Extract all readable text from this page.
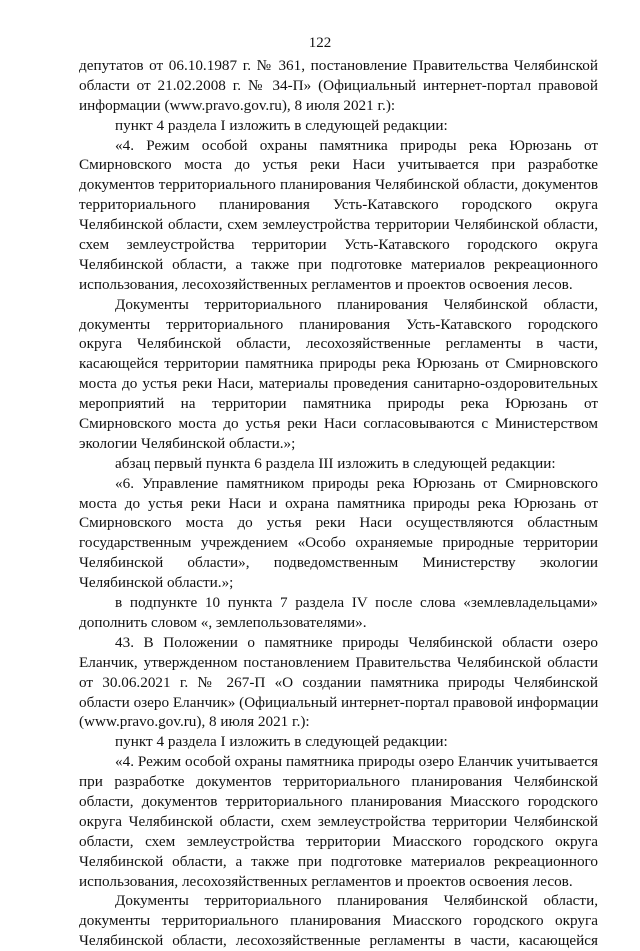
122
депутатов от 06.10.1987 г. № 361, постановление Правительства Челябинской
области от 21.02.2008 г. № 34-П» (Официальный интернет-портал правовой
информации (www.pravo.gov.ru), 8 июля 2021 г.):
пункт 4 раздела I изложить в следующей редакции:
«4. Режим особой охраны памятника природы река Юрюзань от
Смирновского моста до устья реки Наси учитывается при разработке
документов территориального планирования Челябинской области, документов
территориального планирования Усть-Катавского городского округа
Челябинской области, схем землеустройства территории Челябинской области,
схем землеустройства территории Усть-Катавского городского округа
Челябинской области, а также при подготовке материалов рекреационного
использования, лесохозяйственных регламентов и проектов освоения лесов.
Документы территориального планирования Челябинской области,
документы территориального планирования Усть-Катавского городского
округа Челябинской области, лесохозяйственные регламенты в части,
касающейся территории памятника природы река Юрюзань от Смирновского
моста до устья реки Наси, материалы проведения санитарно-оздоровительных
мероприятий на территории памятника природы река Юрюзань от
Смирновского моста до устья реки Наси согласовываются с Министерством
экологии Челябинской области.»;
абзац первый пункта 6 раздела III изложить в следующей редакции:
«6. Управление памятником природы река Юрюзань от Смирновского
моста до устья реки Наси и охрана памятника природы река Юрюзань от
Смирновского моста до устья реки Наси осуществляются областным
государственным учреждением «Особо охраняемые природные территории
Челябинской области», подведомственным Министерству экологии
Челябинской области.»;
в подпункте 10 пункта 7 раздела IV после слова «землевладельцами»
дополнить словом «, землепользователями».
43. В Положении о памятнике природы Челябинской области озеро
Еланчик, утвержденном постановлением Правительства Челябинской области
от 30.06.2021 г. № 267-П «О создании памятника природы Челябинской
области озеро Еланчик» (Официальный интернет-портал правовой информации
(www.pravo.gov.ru), 8 июля 2021 г.):
пункт 4 раздела I изложить в следующей редакции:
«4. Режим особой охраны памятника природы озеро Еланчик учитывается
при разработке документов территориального планирования Челябинской
области, документов территориального планирования Миасского городского
округа Челябинской области, схем землеустройства территории Челябинской
области, схем землеустройства территории Миасского городского округа
Челябинской области, а также при подготовке материалов рекреационного
использования, лесохозяйственных регламентов и проектов освоения лесов.
Документы территориального планирования Челябинской области,
документы территориального планирования Миасского городского округа
Челябинской области, лесохозяйственные регламенты в части, касающейся
